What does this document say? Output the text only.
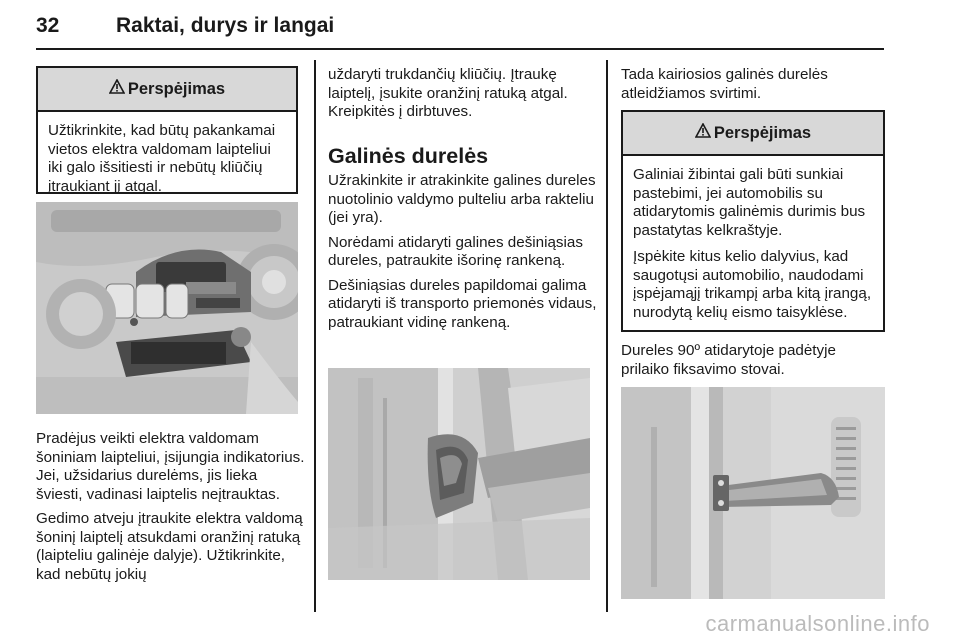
32	Raktai, durys ir langai
Perspėjimas

Užtikrinkite, kad būtų pakankamai vietos elektra valdomam laipteliui iki galo išsitiesti ir nebūtų kliūčių įtraukiant jį atgal.

Pradėjus veikti elektra valdomam šoniniam laipteliui, įsijungia indikatorius. Jei, užsidarius durelėms, jis lieka šviesti, vadinasi laiptelis neįtrauktas.

Gedimo atveju įtraukite elektra valdomą šoninį laiptelį atsukdami oranžinį ratuką (laipteliu galinėje dalyje). Užtikrinkite, kad nebūtų jokių

uždaryti trukdančių kliūčių. Įtraukę laiptelį, įsukite oranžinį ratuką atgal. Kreipkitės į dirbtuves.

Galinės durelės

Užrakinkite ir atrakinkite galines dureles nuotolinio valdymo pulteliu arba rakteliu (jei yra).

Norėdami atidaryti galines dešiniąsias dureles, patraukite išorinę rankeną.

Dešiniąsias dureles papildomai galima atidaryti iš transporto priemonės vidaus, patraukiant vidinę rankeną.

Tada kairiosios galinės durelės atleidžiamos svirtimi.

Perspėjimas

Galiniai žibintai gali būti sunkiai pastebimi, jei automobilis su atidarytomis galinėmis durimis bus pastatytas kelkraštyje.

Įspėkite kitus kelio dalyvius, kad saugotųsi automobilio, naudodami įspėjamąjį trikampį arba kitą įrangą, nurodytą kelių eismo taisyklėse.

Dureles 90º atidarytoje padėtyje prilaiko fiksavimo stovai.

carmanualsonline.info
